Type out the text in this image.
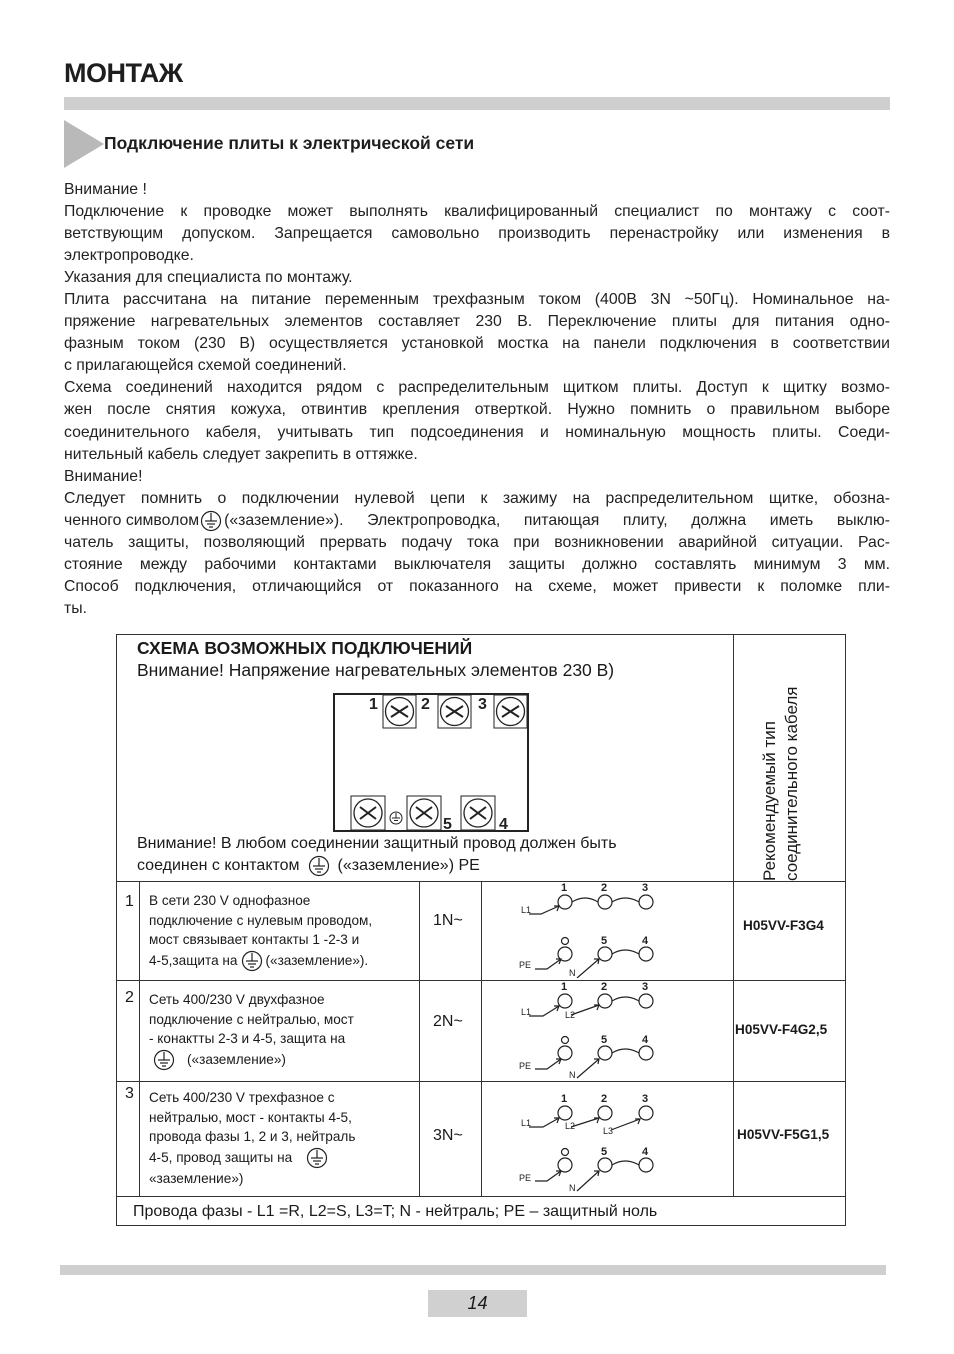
МОНТАЖ
Подключение плиты к электрической сети
Внимание !
Подключение к проводке может выполнять квалифицированный специалист по монтажу с соот-
ветствующим допуском. Запрещается самовольно производить перенастройку или изменения в
электропроводке.
Указания для специалиста по монтажу.
Плита рассчитана на питание переменным трехфазным током (400В 3N ~50Гц). Номинальное на-
пряжение нагревательных элементов составляет 230 В. Переключение плиты для питания одно-
фазным током (230 В) осуществляется установкой мостка на панели подключения в соответствии
с прилагающейся схемой соединений.
Схема соединений находится рядом с распределительным щитком плиты. Доступ к щитку возмо-
жен после снятия кожуха, отвинтив крепления отверткой. Нужно помнить о правильном выборе
соединительного кабеля, учитывать тип подсоединения и номинальную мощность плиты. Соеди-
нительный кабель следует закрепить в оттяжке.
Внимание!
Следует помнить о подключении нулевой цепи к зажиму на распределительном щитке, обозна-
ченного символом («заземление»). Электропроводка, питающая плиту, должна иметь выклю-
чатель защиты, позволяющий прервать подачу тока при возникновении аварийной ситуации. Рас-
стояние между рабочими контактами выключателя защиты должно составлять минимум 3 мм.
Способ подключения, отличающийся от показанного на схеме, может привести к поломке пли-
ты.
СХЕМА ВОЗМОЖНЫХ ПОДКЛЮЧЕНИЙ
Внимание! Напряжение нагревательных элементов 230 В)
1	2	3
5	4
Внимание! В любом соединении защитный провод должен быть
соединен с контактом («заземление») PE	Рекомендуемый тип соединительного кабеля
1 В сети 230 V однофазное
подключение с нулевым проводом,
мост связывает контакты 1 -2-3 и
4-5,защита на («заземление»).
1N~	H05VV-F3G4
1	2	3
5	4
L1
PE
N
2 Сеть 400/230 V двухфазное
подключение с нейтралью, мост
- конактты 2-3 и 4-5, защита на
(«заземление»)
2N~	H05VV-F4G2,5
1	2	3
5	4
L1	L2
PE
N
3 Сеть 400/230 V трехфазное с
нейтралью, мост - контакты 4-5,
провода фазы 1, 2 и 3, нейтраль
4-5, провод защиты на
«заземление»)
3N~	H05VV-F5G1,5
1	2	3
5	4
L1	L2	L3
PE
N
Провода фазы - L1 =R, L2=S, L3=T; N - нейтраль; PE – защитный ноль
14
